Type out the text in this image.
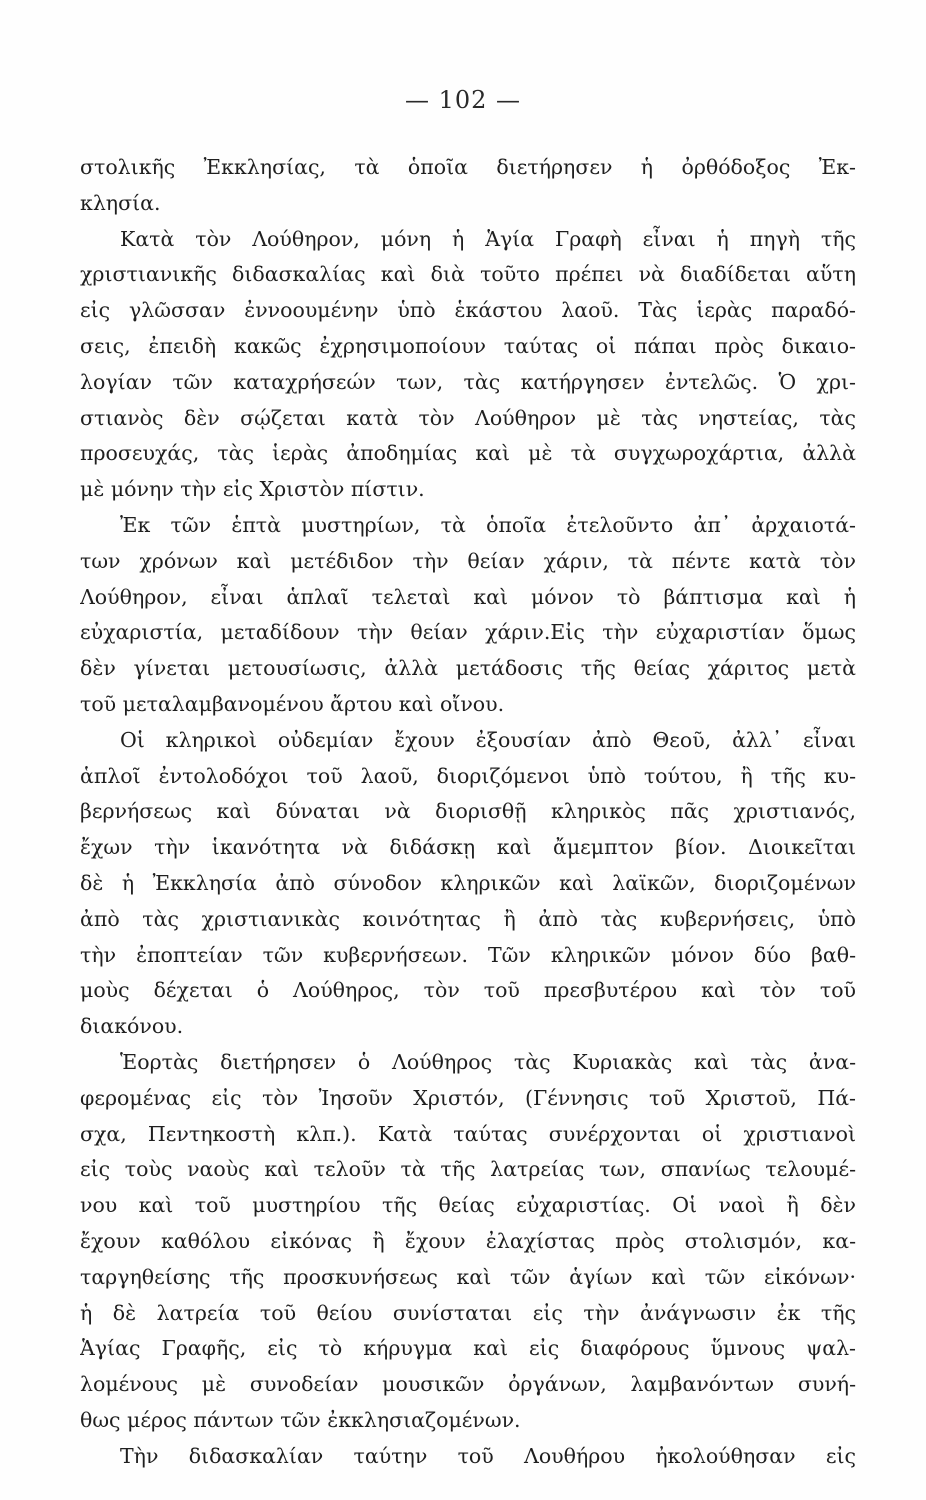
— 102 —
στολικῆς Ἐκκλησίας, τὰ ὁποῖα διετήρησεν ἡ ὀρθόδοξος Ἐκ-
κλησία.
Κατὰ τὸν Λούθηρον, μόνη ἡ Ἁγία Γραφὴ εἶναι ἡ πηγὴ τῆς
χριστιανικῆς διδασκαλίας καὶ διὰ τοῦτο πρέπει νὰ διαδίδεται αὕτη
εἰς γλῶσσαν ἐννοουμένην ὑπὸ ἑκάστου λαοῦ. Τὰς ἱερὰς παραδό-
σεις, ἐπειδὴ κακῶς ἐχρησιμοποίουν ταύτας οἱ πάπαι πρὸς δικαιο-
λογίαν τῶν καταχρήσεών των, τὰς κατήργησεν ἐντελῶς. Ὁ χρι-
στιανὸς δὲν σῴζεται κατὰ τὸν Λούθηρον μὲ τὰς νηστείας, τὰς
προσευχάς, τὰς ἱερὰς ἀποδημίας καὶ μὲ τὰ συγχωροχάρτια, ἀλλὰ
μὲ μόνην τὴν εἰς Χριστὸν πίστιν.
Ἐκ τῶν ἑπτὰ μυστηρίων, τὰ ὁποῖα ἐτελοῦντο ἀπ᾽ ἀρχαιοτά-
των χρόνων καὶ μετέδιδον τὴν θείαν χάριν, τὰ πέντε κατὰ τὸν
Λούθηρον, εἶναι ἁπλαῖ τελεταὶ καὶ μόνον τὸ βάπτισμα καὶ ἡ
εὐχαριστία, μεταδίδουν τὴν θείαν χάριν.Εἰς τὴν εὐχαριστίαν ὅμως
δὲν γίνεται μετουσίωσις, ἀλλὰ μετάδοσις τῆς θείας χάριτος μετὰ
τοῦ μεταλαμβανομένου ἄρτου καὶ οἴνου.
Οἱ κληρικοὶ οὐδεμίαν ἔχουν ἐξουσίαν ἀπὸ Θεοῦ, ἀλλ᾽ εἶναι
ἁπλοῖ ἐντολοδόχοι τοῦ λαοῦ, διοριζόμενοι ὑπὸ τούτου, ἢ τῆς κυ-
βερνήσεως καὶ δύναται νὰ διορισθῇ κληρικὸς πᾶς χριστιανός,
ἔχων τὴν ἱκανότητα νὰ διδάσκῃ καὶ ἄμεμπτον βίον. Διοικεῖται
δὲ ἡ Ἐκκλησία ἀπὸ σύνοδον κληρικῶν καὶ λαϊκῶν, διοριζομένων
ἀπὸ τὰς χριστιανικὰς κοινότητας ἢ ἀπὸ τὰς κυβερνήσεις, ὑπὸ
τὴν ἐποπτείαν τῶν κυβερνήσεων. Τῶν κληρικῶν μόνον δύο βαθ-
μοὺς δέχεται ὁ Λούθηρος, τὸν τοῦ πρεσβυτέρου καὶ τὸν τοῦ
διακόνου.
Ἑορτὰς διετήρησεν ὁ Λούθηρος τὰς Κυριακὰς καὶ τὰς ἀνα-
φερομένας εἰς τὸν Ἰησοῦν Χριστόν, (Γέννησις τοῦ Χριστοῦ, Πά-
σχα, Πεντηκοστὴ κλπ.). Κατὰ ταύτας συνέρχονται οἱ χριστιανοὶ
εἰς τοὺς ναοὺς καὶ τελοῦν τὰ τῆς λατρείας των, σπανίως τελουμέ-
νου καὶ τοῦ μυστηρίου τῆς θείας εὐχαριστίας. Οἱ ναοὶ ἢ δὲν
ἔχουν καθόλου εἰκόνας ἢ ἔχουν ἐλαχίστας πρὸς στολισμόν, κα-
ταργηθείσης τῆς προσκυνήσεως καὶ τῶν ἁγίων καὶ τῶν εἰκόνων·
ἡ δὲ λατρεία τοῦ θείου συνίσταται εἰς τὴν ἀνάγνωσιν ἐκ τῆς
Ἁγίας Γραφῆς, εἰς τὸ κήρυγμα καὶ εἰς διαφόρους ὕμνους ψαλ-
λομένους μὲ συνοδείαν μουσικῶν ὀργάνων, λαμβανόντων συνή-
θως μέρος πάντων τῶν ἐκκλησιαζομένων.
Τὴν διδασκαλίαν ταύτην τοῦ Λουθήρου ἠκολούθησαν εἰς
